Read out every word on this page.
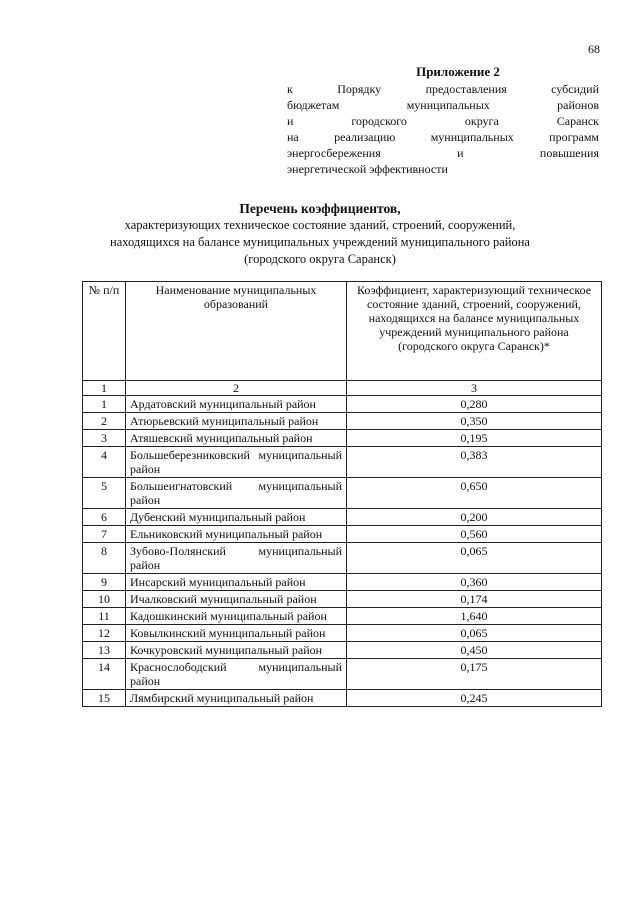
68
Приложение 2
к Порядку предоставления субсидий
бюджетам муниципальных районов
и городского округа Саранск
на реализацию муниципальных программ
энергосбережения и повышения
энергетической эффективности
Перечень коэффициентов,
характеризующих техническое состояние зданий, строений, сооружений,
находящихся на балансе муниципальных учреждений муниципального района
(городского округа Саранск)
№ п/п	Наименование муниципальных образований	Коэффициент, характеризующий техническое состояние зданий, строений, сооружений, находящихся на балансе муниципальных учреждений муниципального района (городского округа Саранск)*
1	2	3
1	Ардатовский муниципальный район	0,280
2	Атюрьевский муниципальный район	0,350
3	Атяшевский муниципальный район	0,195
4	Большеберезниковский муниципальный район	0,383
5	Большеигнатовский муниципальный район	0,650
6	Дубенский муниципальный район	0,200
7	Ельниковский муниципальный район	0,560
8	Зубово-Полянский муниципальный район	0,065
9	Инсарский муниципальный район	0,360
10	Ичалковский муниципальный район	0,174
11	Кадошкинский муниципальный район	1,640
12	Ковылкинский муниципальный район	0,065
13	Кочкуровский муниципальный район	0,450
14	Краснослободский муниципальный район	0,175
15	Лямбирский муниципальный район	0,245
